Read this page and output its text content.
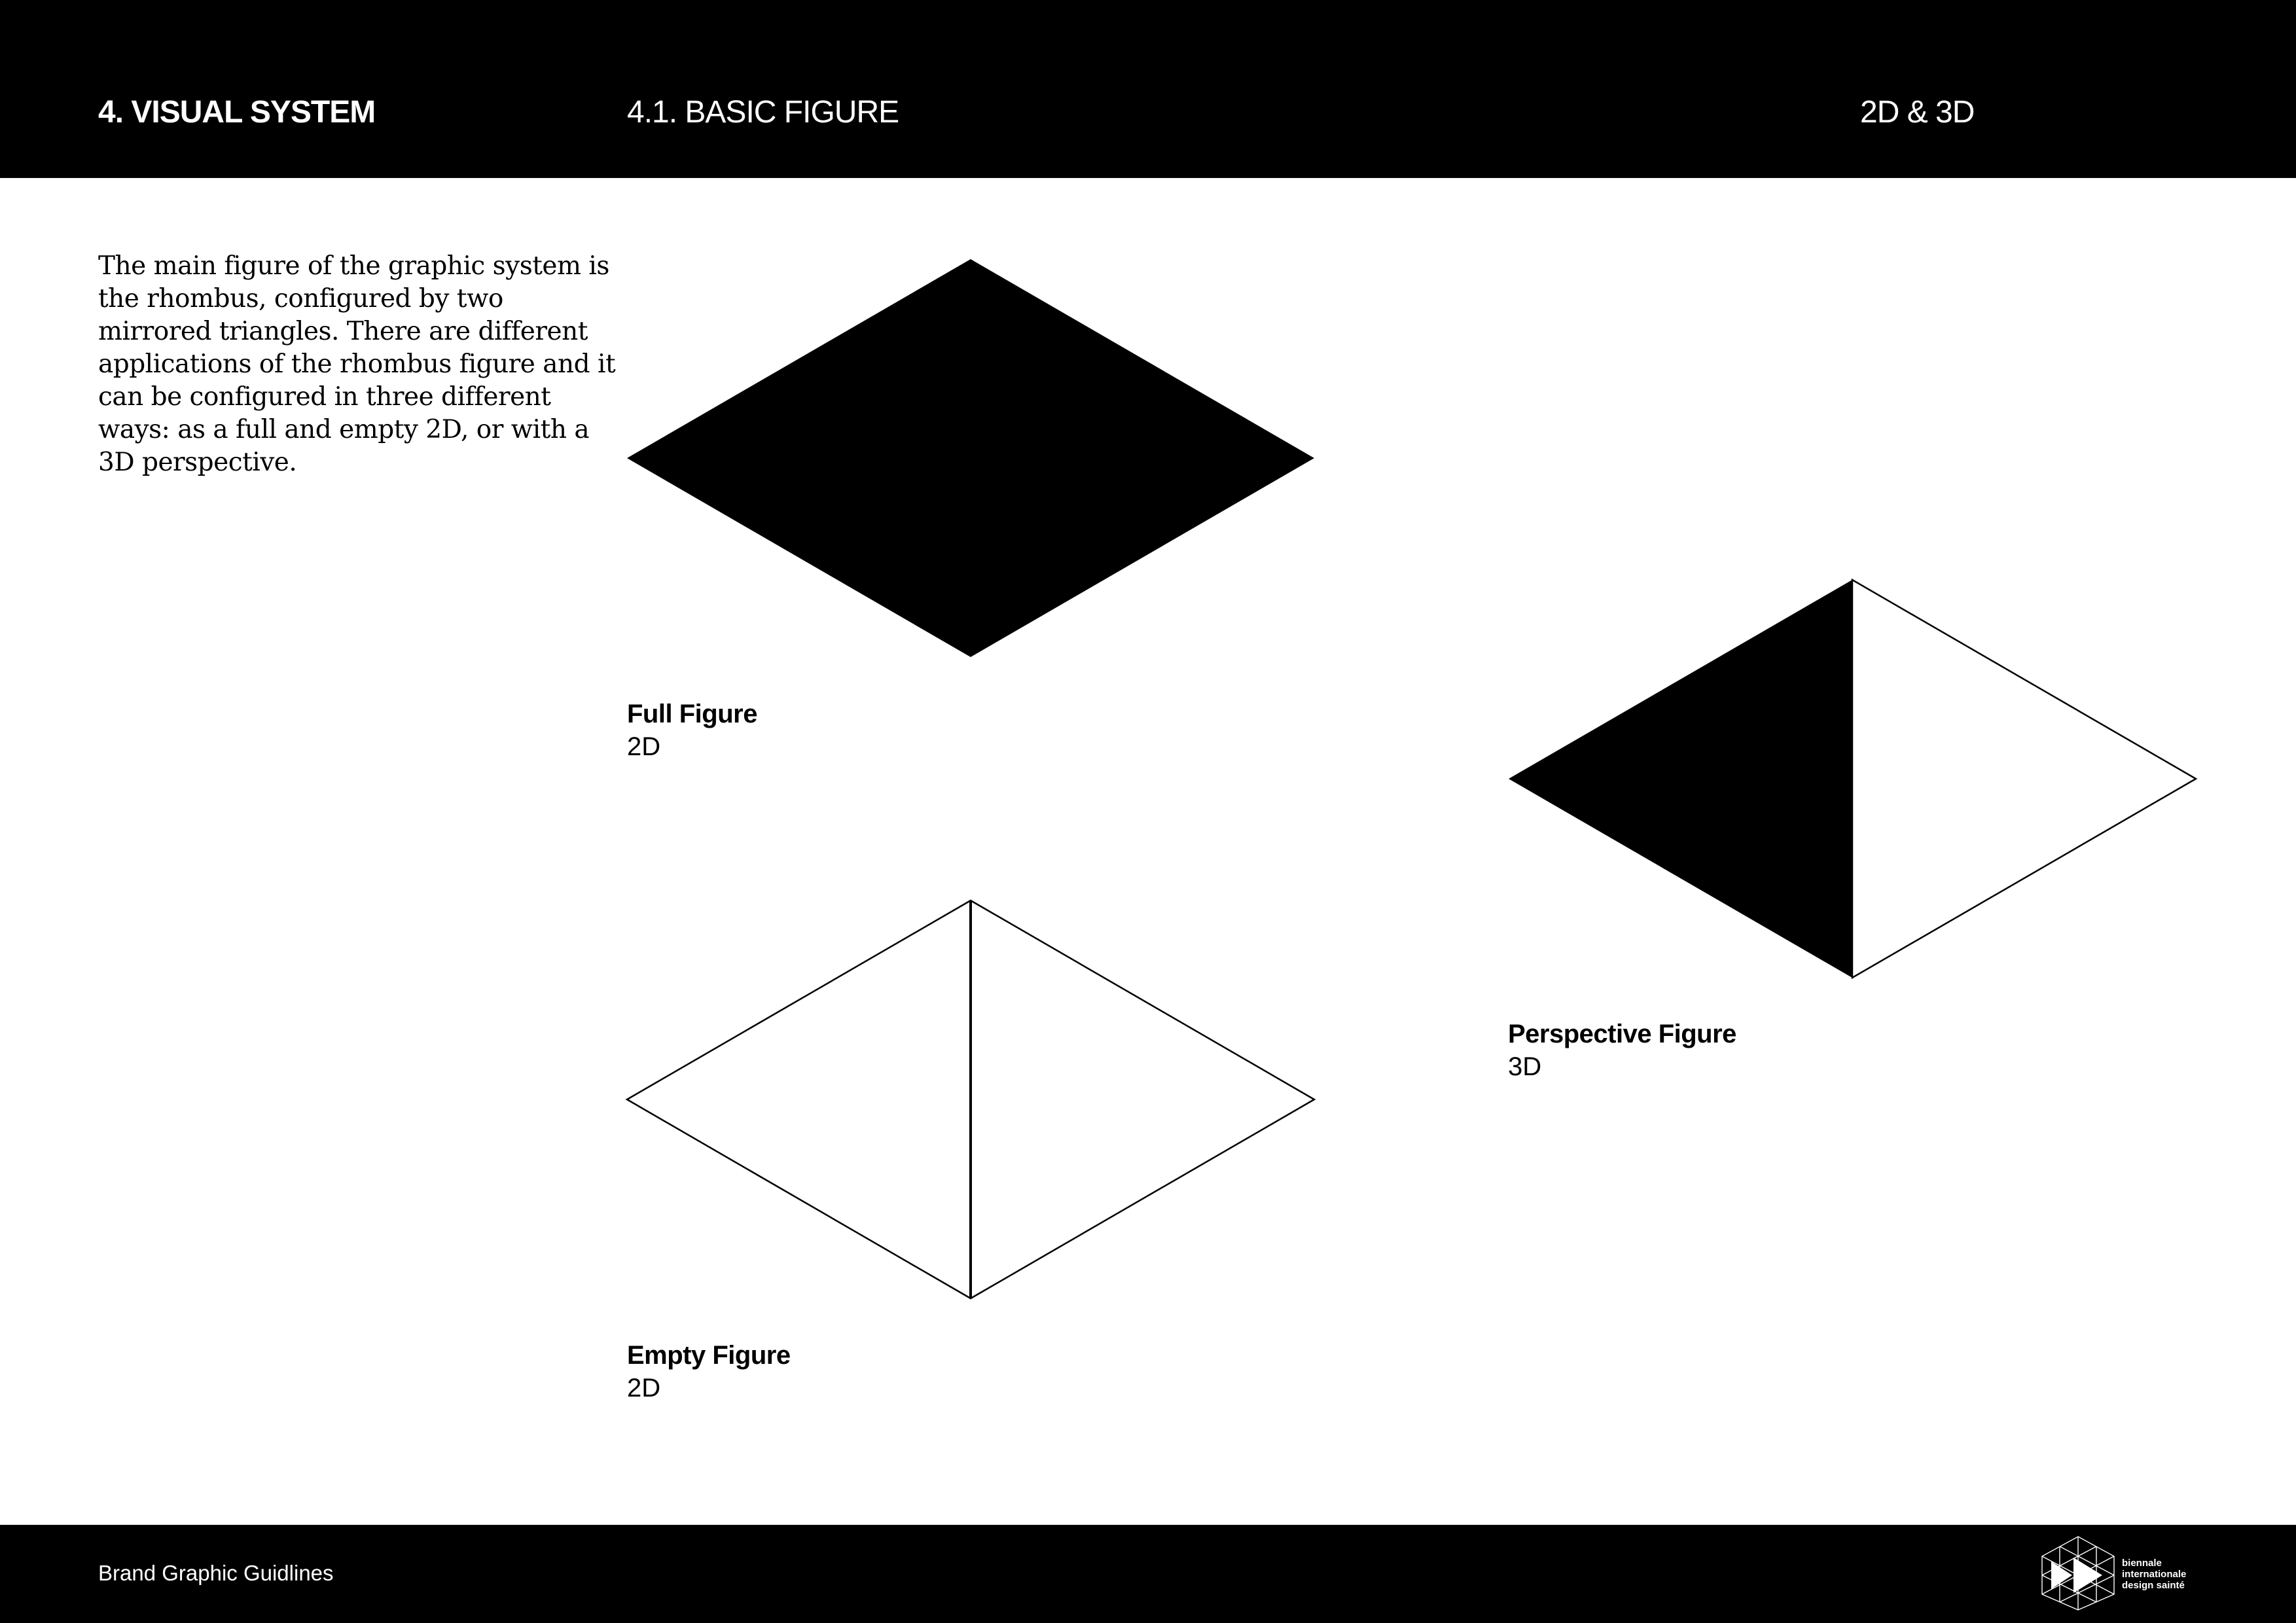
4. VISUAL SYSTEM	4.1. BASIC FIGURE	2D & 3D

The main figure of the graphic system is the rhombus, configured by two mirrored triangles. There are different applications of the rhombus figure and it can be configured in three different ways: as a full and empty 2D, or with a 3D perspective.

Full Figure
2D
Empty Figure
2D
Perspective Figure
3D
Brand Graphic Guidlines	biennale
internationale
design sainté
